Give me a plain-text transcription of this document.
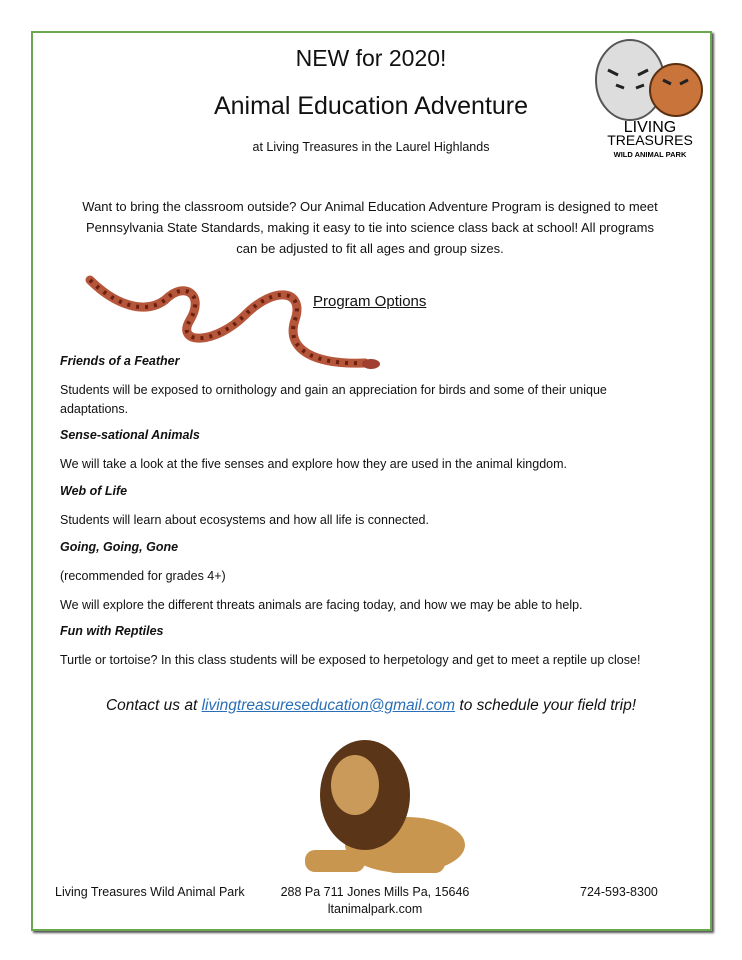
NEW for 2020!
Animal Education Adventure
at Living Treasures in the Laurel Highlands
LIVING
TREASURES
WILD ANIMAL PARK
Want to bring the classroom outside? Our Animal Education Adventure Program is designed to meet Pennsylvania State Standards, making it easy to tie into science class back at school! All programs can be adjusted to fit all ages and group sizes.
Program Options
Friends of a Feather
Students will be exposed to ornithology and gain an appreciation for birds and some of their unique adaptations.
Sense-sational Animals
We will take a look at the five senses and explore how they are used in the animal kingdom.
Web of Life
Students will learn about ecosystems and how all life is connected.
Going, Going, Gone
(recommended for grades 4+)
We will explore the different threats animals are facing today, and how we may be able to help.
Fun with Reptiles
Turtle or tortoise? In this class students will be exposed to herpetology and get to meet a reptile up close!
Contact us at livingtreasureseducation@gmail.com to schedule your field trip!
Living Treasures Wild Animal Park	288 Pa 711 Jones Mills Pa, 15646
ltanimalpark.com
724-593-8300
